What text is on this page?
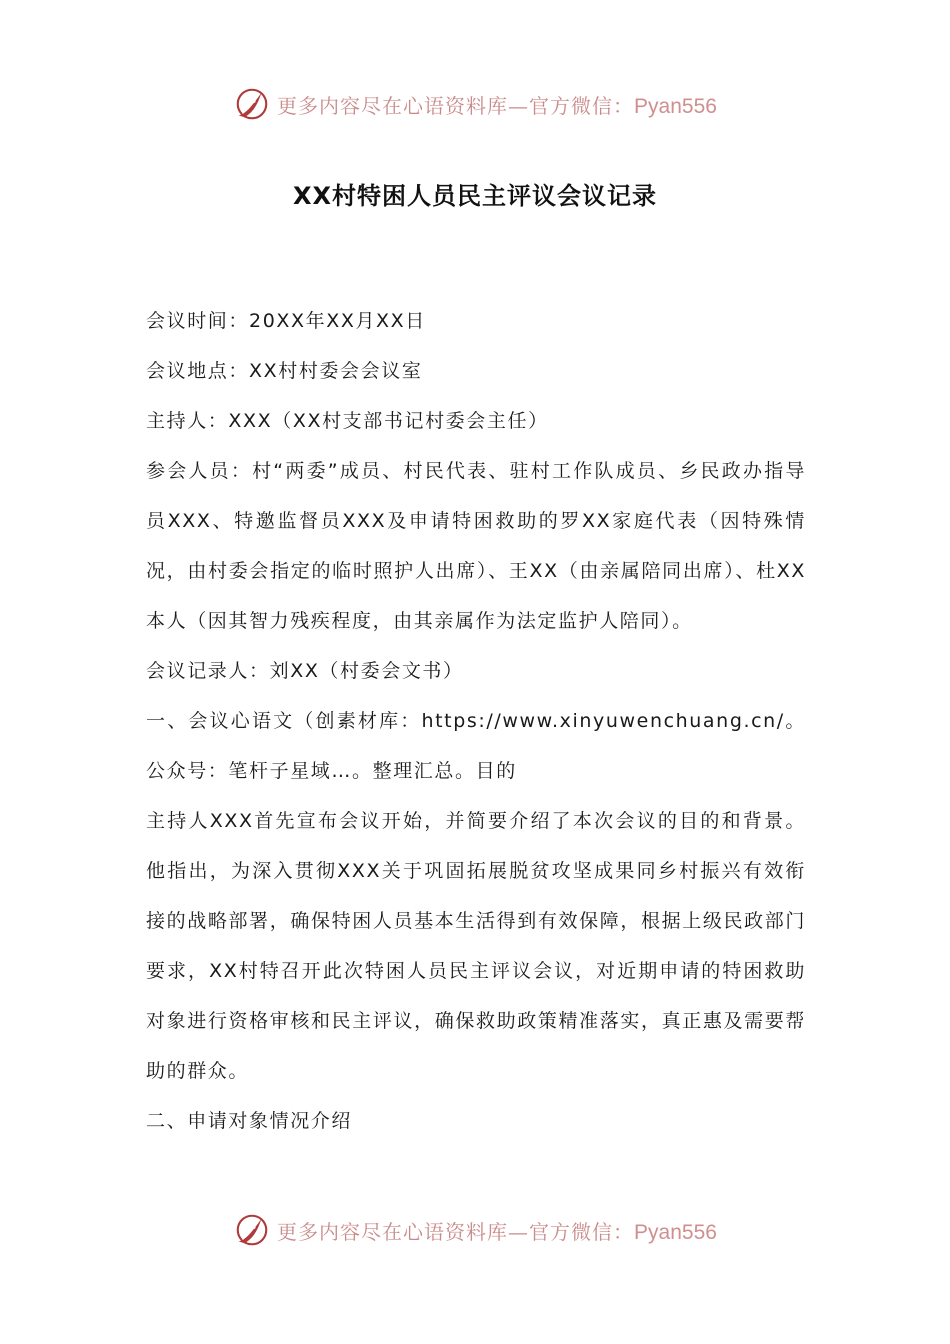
更多内容尽在心语资料库—官方微信：Pyan556
XX村特困人员民主评议会议记录

会议时间：20XX年XX月XX日

会议地点：XX村村委会会议室

主持人：XXX（XX村支部书记村委会主任）

参会人员：村“两委”成员、村民代表、驻村工作队成员、乡民政办指导员XXX、特邀监督员XXX及申请特困救助的罗XX家庭代表（因特殊情况，由村委会指定的临时照护人出席）、王XX（由亲属陪同出席）、杜XX本人（因其智力残疾程度，由其亲属作为法定监护人陪同）。

会议记录人：刘XX（村委会文书）

一、会议心语文（创素材库：https://www.xinyuwenchuang.cn/。公众号：笔杆子星域…。整理汇总。目的

主持人XXX首先宣布会议开始，并简要介绍了本次会议的目的和背景。他指出，为深入贯彻XXX关于巩固拓展脱贫攻坚成果同乡村振兴有效衔接的战略部署，确保特困人员基本生活得到有效保障，根据上级民政部门要求，XX村特召开此次特困人员民主评议会议，对近期申请的特困救助对象进行资格审核和民主评议，确保救助政策精准落实，真正惠及需要帮助的群众。

二、申请对象情况介绍

更多内容尽在心语资料库—官方微信：Pyan556
